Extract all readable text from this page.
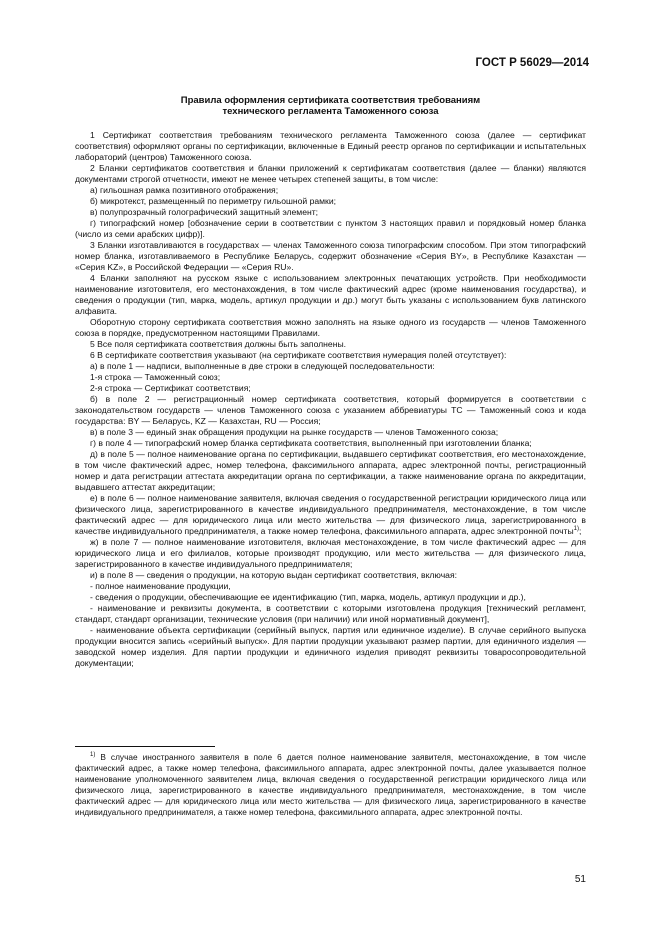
ГОСТ Р 56029—2014
Правила оформления сертификата соответствия требованиям
технического регламента Таможенного союза

1 Сертификат соответствия требованиям технического регламента Таможенного союза (далее — сертификат соответствия) оформляют органы по сертификации, включенные в Единый реестр органов по сертификации и испытательных лабораторий (центров) Таможенного союза.

2 Бланки сертификатов соответствия и бланки приложений к сертификатам соответствия (далее — бланки) являются документами строгой отчетности, имеют не менее четырех степеней защиты, в том числе:

а) гильошная рамка позитивного отображения;

б) микротекст, размещенный по периметру гильошной рамки;

в) полупрозрачный голографический защитный элемент;

г) типографский номер [обозначение серии в соответствии с пунктом 3 настоящих правил и порядковый номер бланка (число из семи арабских цифр)].

3 Бланки изготавливаются в государствах — членах Таможенного союза типографским способом. При этом типографский номер бланка, изготавливаемого в Республике Беларусь, содержит обозначение «Серия BY», в Республике Казахстан — «Серия KZ», в Российской Федерации — «Серия RU».

4 Бланки заполняют на русском языке с использованием электронных печатающих устройств. При необходимости наименование изготовителя, его местонахождения, в том числе фактический адрес (кроме наименования государства), и сведения о продукции (тип, марка, модель, артикул продукции и др.) могут быть указаны с использованием букв латинского алфавита.

Оборотную сторону сертификата соответствия можно заполнять на языке одного из государств — членов Таможенного союза в порядке, предусмотренном настоящими Правилами.

5 Все поля сертификата соответствия должны быть заполнены.

6 В сертификате соответствия указывают (на сертификате соответствия нумерация полей отсутствует):

а) в поле 1 — надписи, выполненные в две строки в следующей последовательности:

1-я строка — Таможенный союз;

2-я строка — Сертификат соответствия;

б) в поле 2 — регистрационный номер сертификата соответствия, который формируется в соответствии с законодательством государств — членов Таможенного союза с указанием аббревиатуры ТС — Таможенный союз и кода государства: BY — Беларусь, KZ — Казахстан, RU — Россия;

в) в поле 3 — единый знак обращения продукции на рынке государств — членов Таможенного союза;

г) в поле 4 — типографский номер бланка сертификата соответствия, выполненный при изготовлении бланка;

д) в поле 5 — полное наименование органа по сертификации, выдавшего сертификат соответствия, его местонахождение, в том числе фактический адрес, номер телефона, факсимильного аппарата, адрес электронной почты, регистрационный номер и дата регистрации аттестата аккредитации органа по сертификации, а также наименование органа по аккредитации, выдавшего аттестат аккредитации;

е) в поле 6 — полное наименование заявителя, включая сведения о государственной регистрации юридического лица или физического лица, зарегистрированного в качестве индивидуального предпринимателя, местонахождение, в том числе фактический адрес — для юридического лица или место жительства — для физического лица, зарегистрированного в качестве индивидуального предпринимателя, а также номер телефона, факсимильного аппарата, адрес электронной почты$^{1)}$;

ж) в поле 7 — полное наименование изготовителя, включая местонахождение, в том числе фактический адрес — для юридического лица и его филиалов, которые производят продукцию, или место жительства — для физического лица, зарегистрированного в качестве индивидуального предпринимателя;

и) в поле 8 — сведения о продукции, на которую выдан сертификат соответствия, включая:

- полное наименование продукции,

- сведения о продукции, обеспечивающие ее идентификацию (тип, марка, модель, артикул продукции и др.),

- наименование и реквизиты документа, в соответствии с которыми изготовлена продукция [технический регламент, стандарт, стандарт организации, технические условия (при наличии) или иной нормативный документ],

- наименование объекта сертификации (серийный выпуск, партия или единичное изделие). В случае серийного выпуска продукции вносится запись «серийный выпуск». Для партии продукции указывают размер партии, для единичного изделия — заводской номер изделия. Для партии продукции и единичного изделия приводят реквизиты товаросопроводительной документации;

$^{1)}$ В случае иностранного заявителя в поле 6 дается полное наименование заявителя, местонахождение, в том числе фактический адрес, а также номер телефона, факсимильного аппарата, адрес электронной почты, далее указывается полное наименование уполномоченного заявителем лица, включая сведения о государственной регистрации юридического лица или физического лица, зарегистрированного в качестве индивидуального предпринимателя, местонахождение, в том числе фактический адрес — для юридического лица или место жительства — для физического лица, зарегистрированного в качестве индивидуального предпринимателя, а также номер телефона, факсимильного аппарата, адрес электронной почты.

51
